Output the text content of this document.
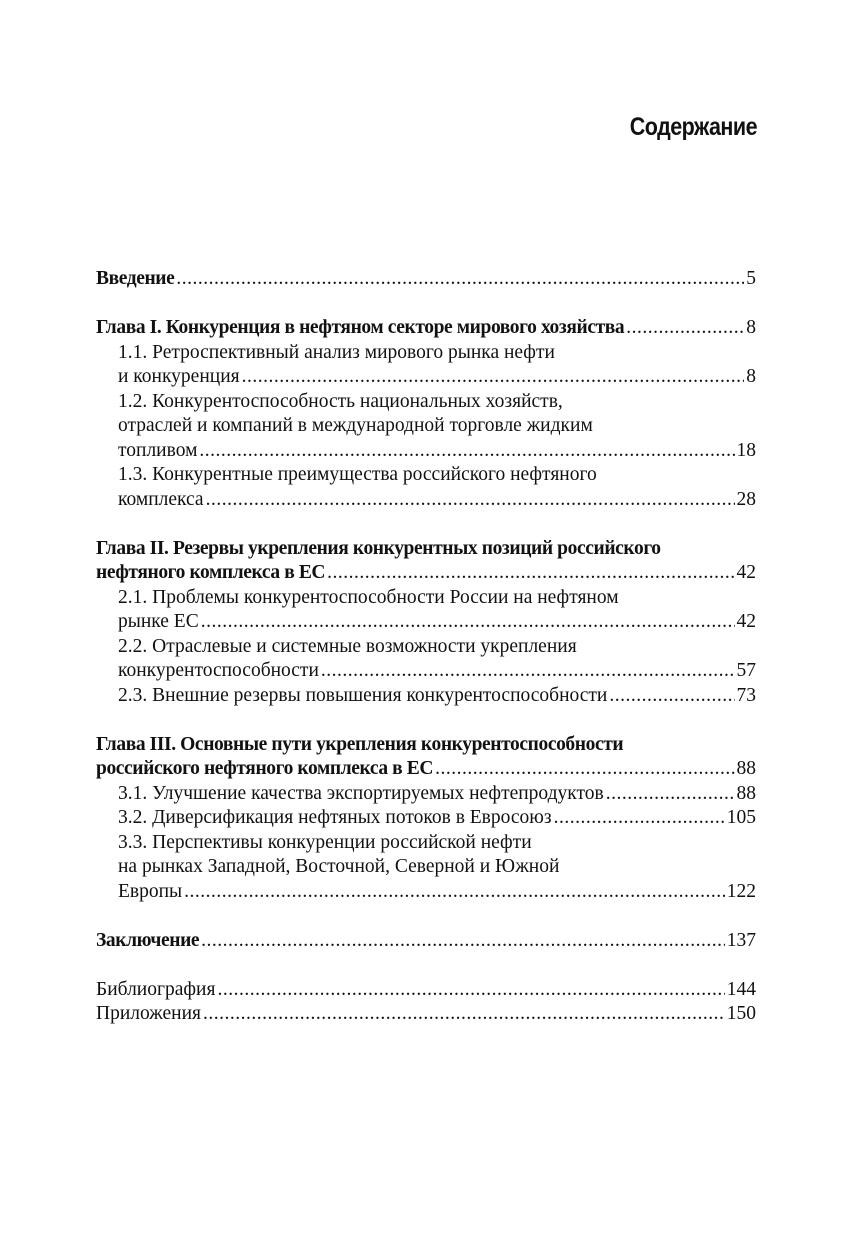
Содержание
Введение .....	5
Глава I. Конкуренция в нефтяном секторе мирового хозяйства .....	8
1.1. Ретроспективный анализ мирового рынка нефти
и конкуренция .....	8
1.2. Конкурентоспособность национальных хозяйств,
отраслей и компаний в международной торговле жидким
топливом .....	18
1.3. Конкурентные преимущества российского нефтяного
комплекса .....	28
Глава II. Резервы укрепления конкурентных позиций российского
нефтяного комплекса в ЕС .....	42
2.1. Проблемы конкурентоспособности России на нефтяном
рынке ЕС .....	42
2.2. Отраслевые и системные возможности укрепления
конкурентоспособности .....	57
2.3. Внешние резервы повышения конкурентоспособности .....	73
Глава III. Основные пути укрепления конкурентоспособности
российского нефтяного комплекса в ЕС .....	88
3.1. Улучшение качества экспортируемых нефтепродуктов .....	88
3.2. Диверсификация нефтяных потоков в Евросоюз .....	105
3.3. Перспективы конкуренции российской нефти
на рынках Западной, Восточной, Северной и Южной
Европы .....	122
Заключение .....	137
Библиография .....	144
Приложения .....	150
